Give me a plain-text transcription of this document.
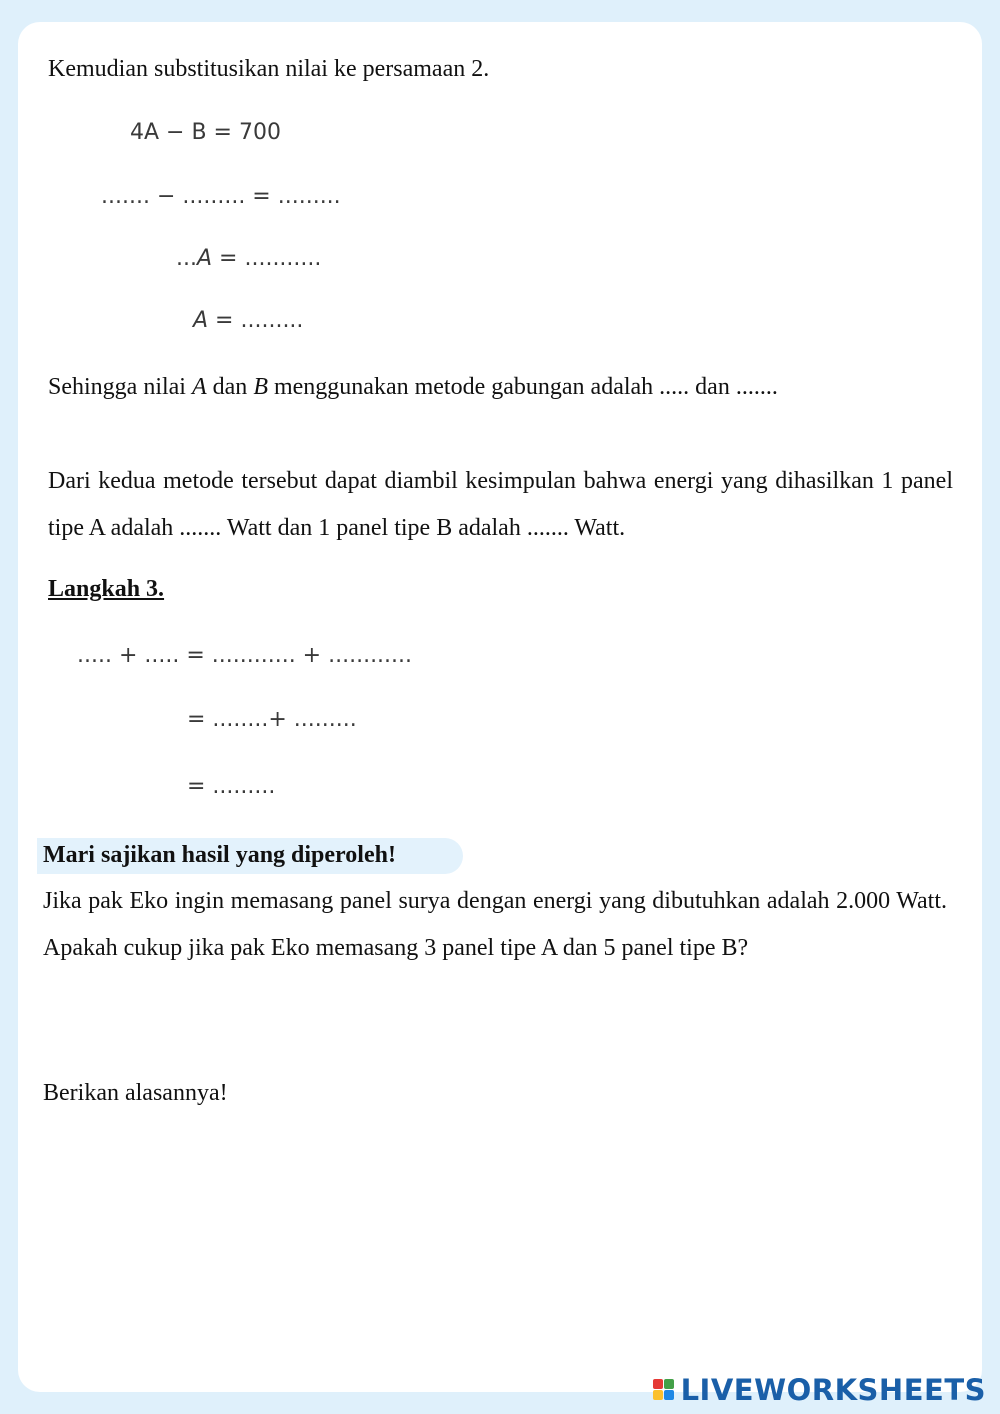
Kemudian substitusikan nilai ke persamaan 2.
4A − B = 700
....... − ......... = .........
...A = ...........
A = .........
Sehingga nilai A dan B menggunakan metode gabungan adalah ..... dan .......
Dari kedua metode tersebut dapat diambil kesimpulan bahwa energi yang dihasilkan 1 panel tipe A adalah ....... Watt dan 1 panel tipe B adalah ....... Watt.
Langkah 3.
..... + ..... = ............ + ............
= ........+ .........
= .........
Mari sajikan hasil yang diperoleh!
Jika pak Eko ingin memasang panel surya dengan energi yang dibutuhkan adalah 2.000 Watt. Apakah cukup jika pak Eko memasang 3 panel tipe A dan 5 panel tipe B?
Berikan alasannya!
LIVEWORKSHEETS
